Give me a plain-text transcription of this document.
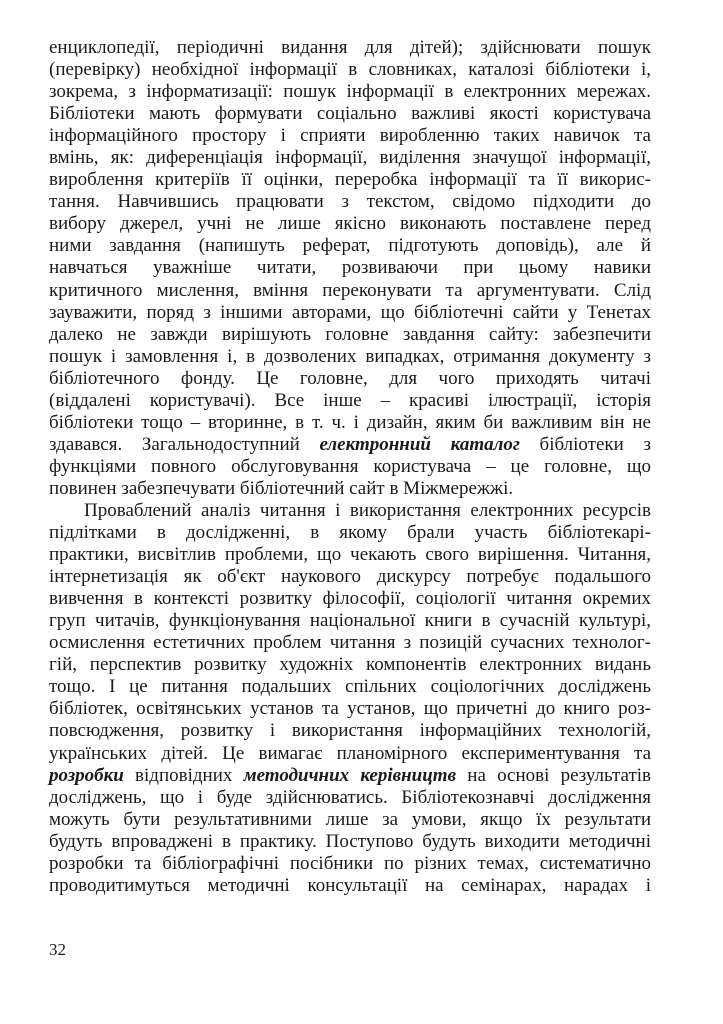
енциклопедії, періодичні видання для дітей); здійснювати пошук
(перевірку) необхідної інформації в словниках, каталозі бібліотеки і,
зокрема, з інформатизації: пошук інформації в електронних мережах.
Бібліотеки мають формувати соціально важливі якості користувача
інформаційного простору і сприяти виробленню таких навичок та
вмінь, як: диференціація інформації, виділення значущої інформації,
вироблення критеріїв її оцінки, переробка інформації та її викорис-
тання. Навчившись працювати з текстом, свідомо підходити до
вибору джерел, учні не лише якісно виконають поставлене перед
ними завдання (напишуть реферат, підготують доповідь), але й
навчаться уважніше читати, розвиваючи при цьому навики
критичного мислення, вміння переконувати та аргументувати. Слід
зауважити, поряд з іншими авторами, що бібліотечні сайти у Тенетах
далеко не завжди вирішують головне завдання сайту: забезпечити
пошук і замовлення і, в дозволених випадках, отримання документу з
бібліотечного фонду. Це головне, для чого приходять читачі
(віддалені користувачі). Все інше – красиві ілюстрації, історія
бібліотеки тощо – вторинне, в т. ч. і дизайн, яким би важливим він не
здавався. Загальнодоступний електронний каталог бібліотеки з
функціями повного обслуговування користувача – це головне, що
повинен забезпечувати бібліотечний сайт в Міжмережжі.
Проваблений аналіз читання і використання електронних ресурсів
підлітками в дослідженні, в якому брали участь бібліотекарі-
практики, висвітлив проблеми, що чекають свого вирішення. Читання,
інтернетизація як об'єкт наукового дискурсу потребує подальшого
вивчення в контексті розвитку філософії, соціології читання окремих
груп читачів, функціонування національної книги в сучасній культурі,
осмислення естетичних проблем читання з позицій сучасних технолог-
гій, перспектив розвитку художніх компонентів електронних видань
тощо. І це питання подальших спільних соціологічних досліджень
бібліотек, освітянських установ та установ, що причетні до книго роз-
повсюдження, розвитку і використання інформаційних технологій,
українських дітей. Це вимагає планомірного експериментування та
розробки відповідних методичних керівництв на основі результатів
досліджень, що і буде здійснюватись. Бібліотекознавчі дослідження
можуть бути результативними лише за умови, якщо їх результати
будуть впроваджені в практику. Поступово будуть виходити методичні
розробки та бібліографічні посібники по різних темах, систематично
проводитимуться методичні консультації на семінарах, нарадах і
32
